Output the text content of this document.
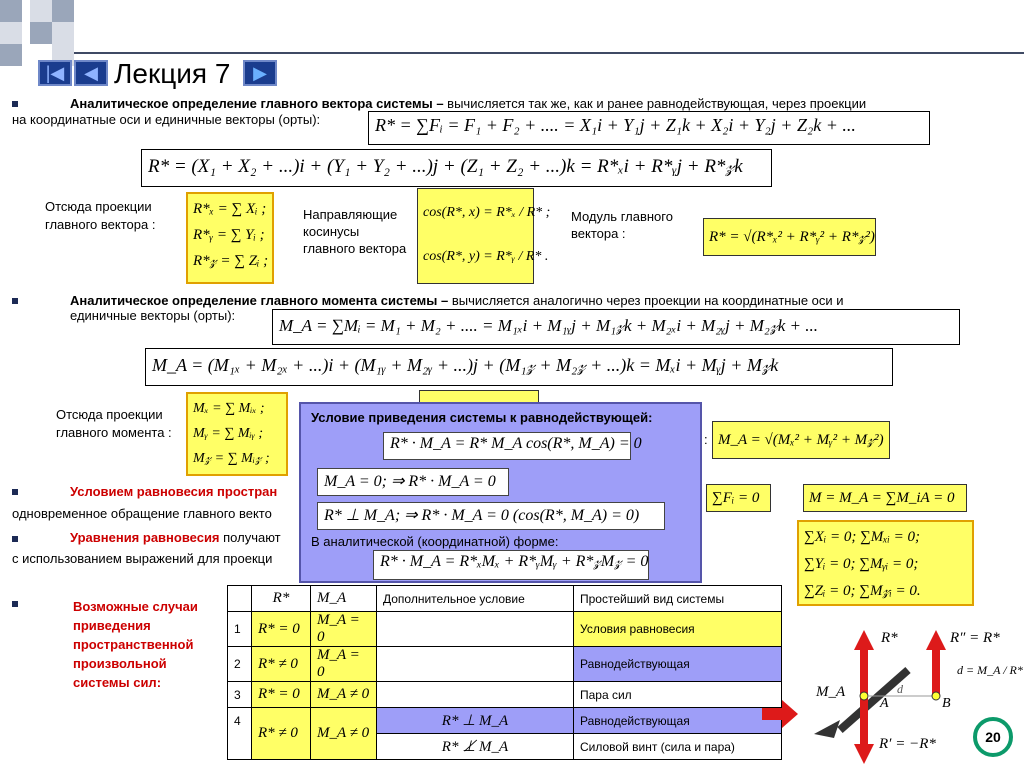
|◀	◀ Лекция 7	▶
Аналитическое определение главного вектора системы – вычисляется так же, как и ранее равнодействующая, через проекции
на координатные оси и единичные векторы (орты):	R* = ∑Fᵢ = F₁ + F₂ + .... = X₁i + Y₁j + Z₁k + X₂i + Y₂j + Z₂k + ...
R* = (X₁ + X₂ + ...)i + (Y₁ + Y₂ + ...)j + (Z₁ + Z₂ + ...)k = R*ₓi + R*ᵧj + R*𝓏k
Отсюда проекции главного вектора :
R*ₓ = ∑ Xᵢ ;
R*ᵧ = ∑ Yᵢ ;
R*𝓏 = ∑ Zᵢ ;
Направляющие косинусы главного вектора
cos(R*, x) = R*ₓ / R* ;
cos(R*, y) = R*ᵧ / R* .
Модуль главного вектора :	R* = √(R*ₓ² + R*ᵧ² + R*𝓏²)
Аналитическое определение главного момента системы – вычисляется аналогично через проекции на координатные оси и
единичные векторы (орты):
M_A = ∑Mᵢ = M₁ + M₂ + .... = M₁ₓi + M₁ᵧj + M₁𝓏k + M₂ₓi + M₂ᵧj + M₂𝓏k + ...
M_A = (M₁ₓ + M₂ₓ + ...)i + (M₁ᵧ + M₂ᵧ + ...)j + (M₁𝓏 + M₂𝓏 + ...)k = Mₓi + Mᵧj + M𝓏k
Отсюда проекции главного момента :
Mₓ = ∑ Mᵢₓ ;
Mᵧ = ∑ Mᵢᵧ ;
M𝓏 = ∑ Mᵢ𝓏 ;
: M_A = √(Mₓ² + Mᵧ² + M𝓏²)
Условием равновесия простран
одновременное обращение главного векто
∑Fᵢ = 0	M = M_A = ∑M_iA = 0
Уравнения равновесия получают
с использованием выражений для проекци
∑Xᵢ = 0; ∑Mₓᵢ = 0;
∑Yᵢ = 0; ∑Mᵧᵢ = 0;
∑Zᵢ = 0; ∑M𝓏ᵢ = 0.
Условие приведения системы к равнодействующей:
R* · M_A = R* M_A cos(R*, M_A) = 0
M_A = 0; ⇒ R* · M_A = 0
R* ⊥ M_A; ⇒ R* · M_A = 0 (cos(R*, M_A) = 0)
В аналитической (координатной) форме:
R* · M_A = R*ₓMₓ + R*ᵧMᵧ + R*𝓏M𝓏 = 0
Возможные случаи
приведения
пространственной
произвольной
системы сил:
	R*	M_A	Дополнительное условие	Простейший вид системы
1	R* = 0	M_A = 0		Условия равновесия
2	R* ≠ 0	M_A = 0		Равнодействующая
3	R* = 0	M_A ≠ 0		Пара сил
4	R* ≠ 0	M_A ≠ 0	R* ⊥ M_A	Равнодействующая
			R* ⊥̸ M_A	Силовой винт (сила и пара)
R*	R″ = R*
R′ = −R*
M_A	d
d = M_A / R*
A	B
20
